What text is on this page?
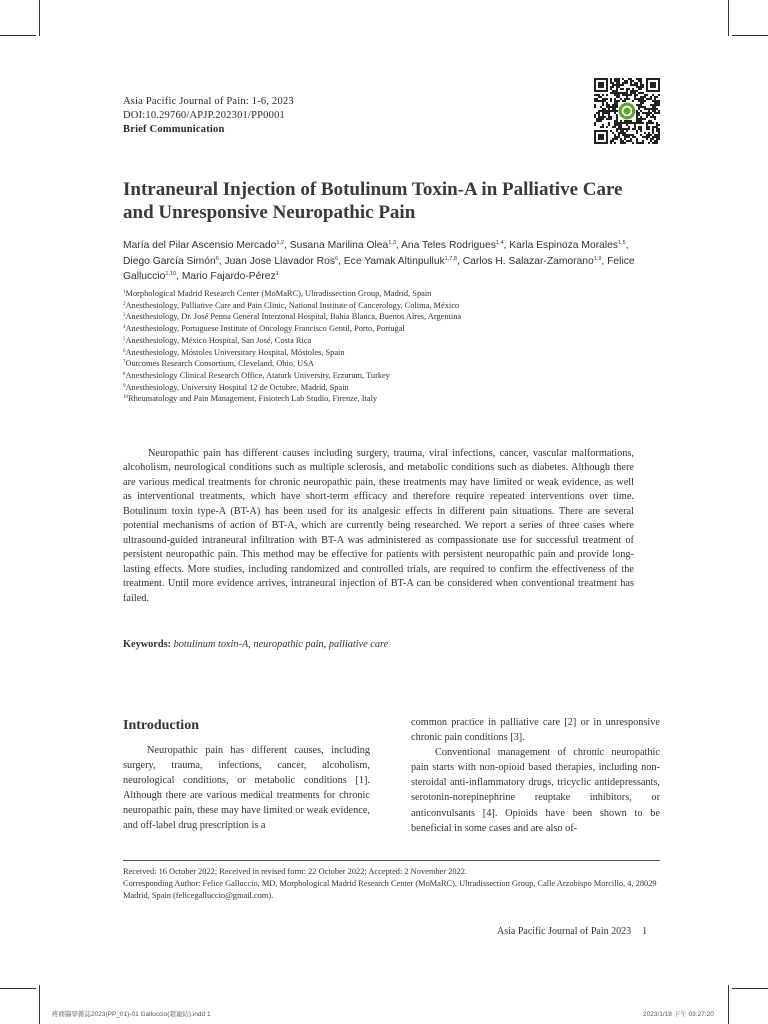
Asia Pacific Journal of Pain: 1-6, 2023
DOI:10.29760/APJP.202301/PP0001
Brief Communication
Intraneural Injection of Botulinum Toxin-A in Palliative Care and Unresponsive Neuropathic Pain
María del Pilar Ascensio Mercado$^{1,2}$, Susana Marilina Olea$^{1,3}$, Ana Teles Rodrigues$^{1,4}$, Karla Espinoza Morales$^{1,5}$, Diego García Simón$^6$, Juan Jose Llavador Ros$^6$, Ece Yamak Altinpulluk$^{1,7,8}$, Carlos H. Salazar-Zamorano$^{1,9}$, Felice Galluccio$^{1,10}$, Mario Fajardo-Pérez$^1$
$^1$Morphological Madrid Research Center (MoMaRC), Ultradissection Group, Madrid, Spain
$^2$Anesthesiology, Palliative Care and Pain Clinic, National Institute of Cancerology, Colima, México
$^3$Anesthesiology, Dr. José Penna General Interzonal Hospital, Bahía Blanca, Buenos Aires, Argentina
$^4$Anesthesiology, Portuguese Institute of Oncology Francisco Gentil, Porto, Portugal
$^5$Anesthesiology, México Hospital, San José, Costa Rica
$^6$Anesthesiology, Móstoles Universitary Hospital, Móstoles, Spain
$^7$Outcomes Research Consortium, Cleveland, Ohio, USA
$^8$Anesthesiology Clinical Research Office, Ataturk University, Erzurum, Turkey
$^9$Anesthesiology, University Hospital 12 de Octubre, Madrid, Spain
$^{10}$Rheumatology and Pain Management, Fisiotech Lab Studio, Firenze, Italy

Neuropathic pain has different causes including surgery, trauma, viral infections, cancer, vascular malformations, alcoholism, neurological conditions such as multiple sclerosis, and metabolic conditions such as diabetes. Although there are various medical treatments for chronic neuropathic pain, these treatments may have limited or weak evidence, as well as interventional treatments, which have short-term efficacy and therefore require repeated interventions over time. Botulinum toxin type-A (BT-A) has been used for its analgesic effects in different pain situations. There are several potential mechanisms of action of BT-A, which are currently being researched. We report a series of three cases where ultrasound-guided intraneural infiltration with BT-A was administered as compassionate use for successful treatment of persistent neuropathic pain. This method may be effective for patients with persistent neuropathic pain and provide long-lasting effects. More studies, including randomized and controlled trials, are required to confirm the effectiveness of the treatment. Until more evidence arrives, intraneural injection of BT-A can be considered when conventional treatment has failed.

Keywords: botulinum toxin-A, neuropathic pain, palliative care
Introduction

Neuropathic pain has different causes, including surgery, trauma, infections, cancer, alcoholism, neurological conditions, or metabolic conditions [1]. Although there are various medical treatments for chronic neuropathic pain, these may have limited or weak evidence, and off-label drug prescription is a

common practice in palliative care [2] or in unresponsive chronic pain conditions [3].

Conventional management of chronic neuropathic pain starts with non-opioid based therapies, including non-steroidal anti-inflammatory drugs, tricyclic antidepressants, serotonin-norepinephrine reuptake inhibitors, or anticonvulsants [4]. Opioids have been shown to be beneficial in some cases and are also of-

Received: 16 October 2022; Received in revised form: 22 October 2022; Accepted: 2 November 2022.
Corresponding Author: Felice Galluccio, MD, Morphological Madrid Research Center (MoMaRC), Ultradissection Group, Calle Arzobispo Morcillo, 4, 28029 Madrid, Spain (felicegalluccio@gmail.com).
Asia Pacific Journal of Pain 2023 1
疼痛醫學雜誌2023(PP_01)-01 Galluccio(超連結).indd 1	2023/1/18 下午 03:27:20
